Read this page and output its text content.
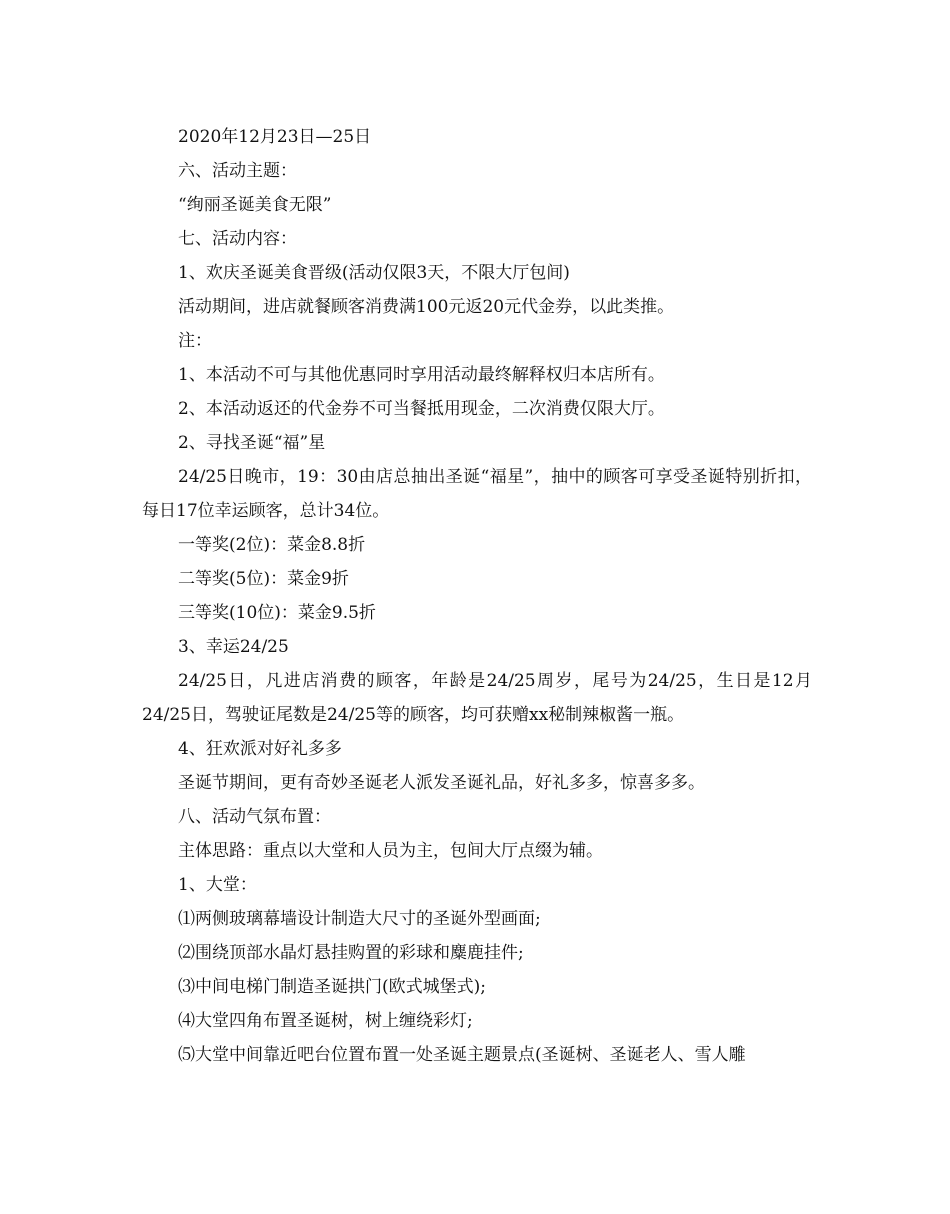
2020年12月23日—25日
六、活动主题：
“绚丽圣诞美食无限”
七、活动内容：
1、欢庆圣诞美食晋级(活动仅限3天，不限大厅包间)
活动期间，进店就餐顾客消费满100元返20元代金券，以此类推。
注：
1、本活动不可与其他优惠同时享用活动最终解释权归本店所有。
2、本活动返还的代金券不可当餐抵用现金，二次消费仅限大厅。
2、寻找圣诞“福”星
24/25日晚市，19：30由店总抽出圣诞“福星”，抽中的顾客可享受圣诞特别折扣，每日17位幸运顾客，总计34位。
一等奖(2位)：菜金8.8折
二等奖(5位)：菜金9折
三等奖(10位)：菜金9.5折
3、幸运24/25
24/25日，凡进店消费的顾客，年龄是24/25周岁，尾号为24/25，生日是12月24/25日，驾驶证尾数是24/25等的顾客，均可获赠xx秘制辣椒酱一瓶。
4、狂欢派对好礼多多
圣诞节期间，更有奇妙圣诞老人派发圣诞礼品，好礼多多，惊喜多多。
八、活动气氛布置：
主体思路：重点以大堂和人员为主，包间大厅点缀为辅。
1、大堂：
⑴两侧玻璃幕墙设计制造大尺寸的圣诞外型画面;
⑵围绕顶部水晶灯悬挂购置的彩球和麋鹿挂件;
⑶中间电梯门制造圣诞拱门(欧式城堡式);
⑷大堂四角布置圣诞树，树上缠绕彩灯;
⑸大堂中间靠近吧台位置布置一处圣诞主题景点(圣诞树、圣诞老人、雪人雕
